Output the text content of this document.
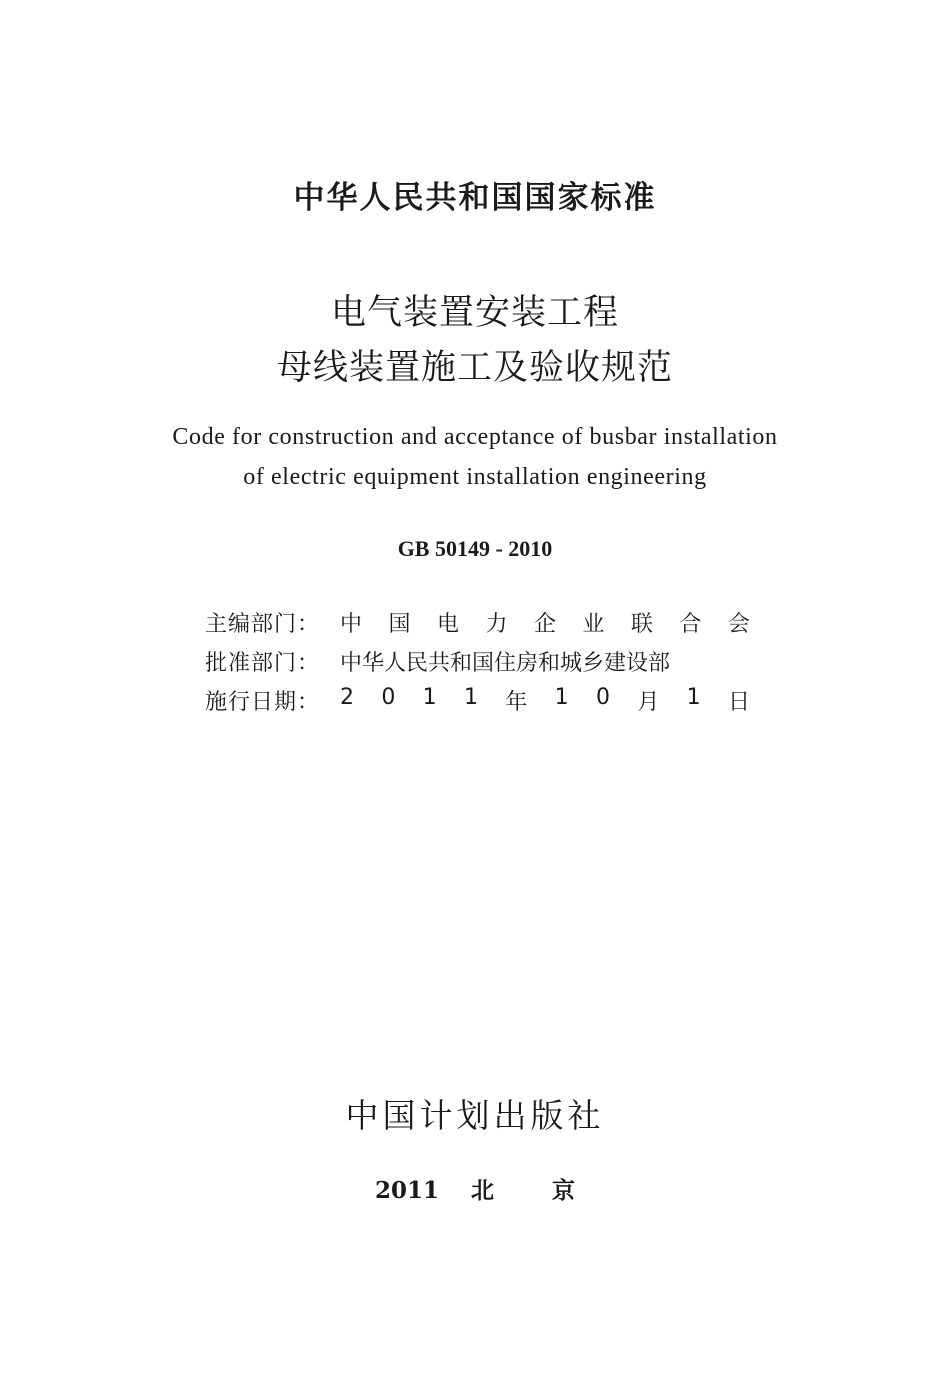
中华人民共和国国家标准
电气装置安装工程
母线装置施工及验收规范
Code for construction and acceptance of busbar installation
of electric equipment installation engineering
GB 50149 - 2010
主编部门： 中 国 电 力 企 业 联 合 会
批准部门： 中华人民共和国住房和城乡建设部
施行日期： 2 0 1 1 年 1 0 月 1 日
中国计划出版社
2011 北京
